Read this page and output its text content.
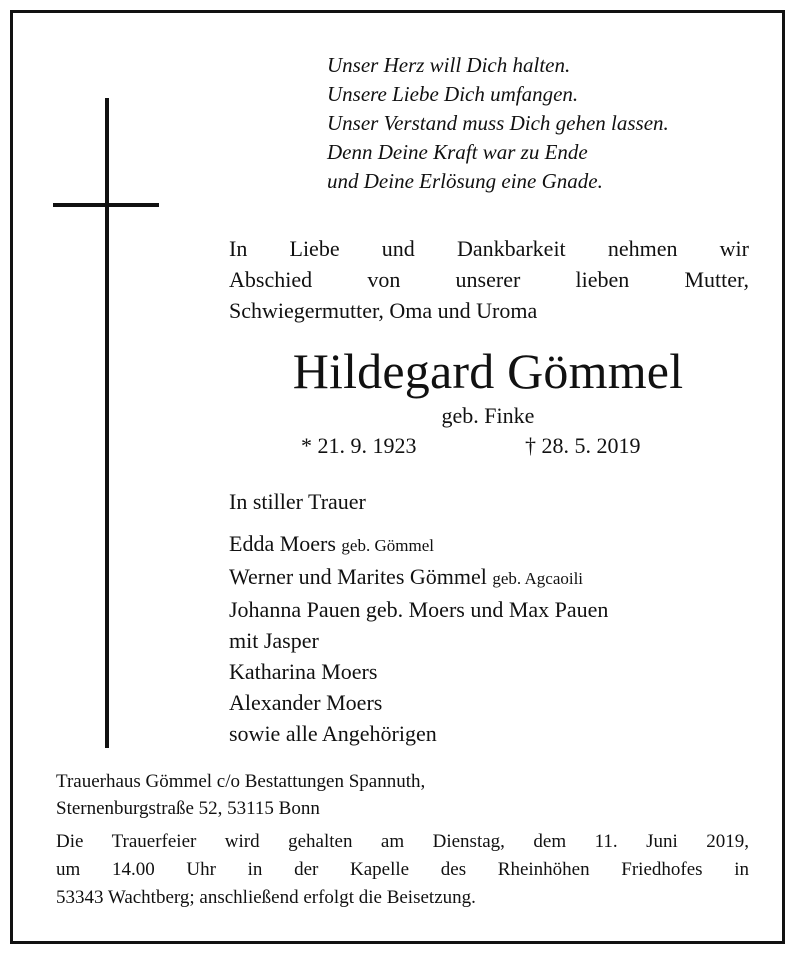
Unser Herz will Dich halten.
Unsere Liebe Dich umfangen.
Unser Verstand muss Dich gehen lassen.
Denn Deine Kraft war zu Ende
und Deine Erlösung eine Gnade.
In Liebe und Dankbarkeit nehmen wir
Abschied von unserer lieben Mutter,
Schwiegermutter, Oma und Uroma
Hildegard Gömmel
geb. Finke
* 21. 9. 1923	† 28. 5. 2019
In stiller Trauer
Edda Moers geb. Gömmel
Werner und Marites Gömmel geb. Agcaoili
Johanna Pauen geb. Moers und Max Pauen
mit Jasper
Katharina Moers
Alexander Moers
sowie alle Angehörigen
Trauerhaus Gömmel c/o Bestattungen Spannuth,
Sternenburgstraße 52, 53115 Bonn
Die Trauerfeier wird gehalten am Dienstag, dem 11. Juni 2019,
um 14.00 Uhr in der Kapelle des Rheinhöhen Friedhofes in
53343 Wachtberg; anschließend erfolgt die Beisetzung.
